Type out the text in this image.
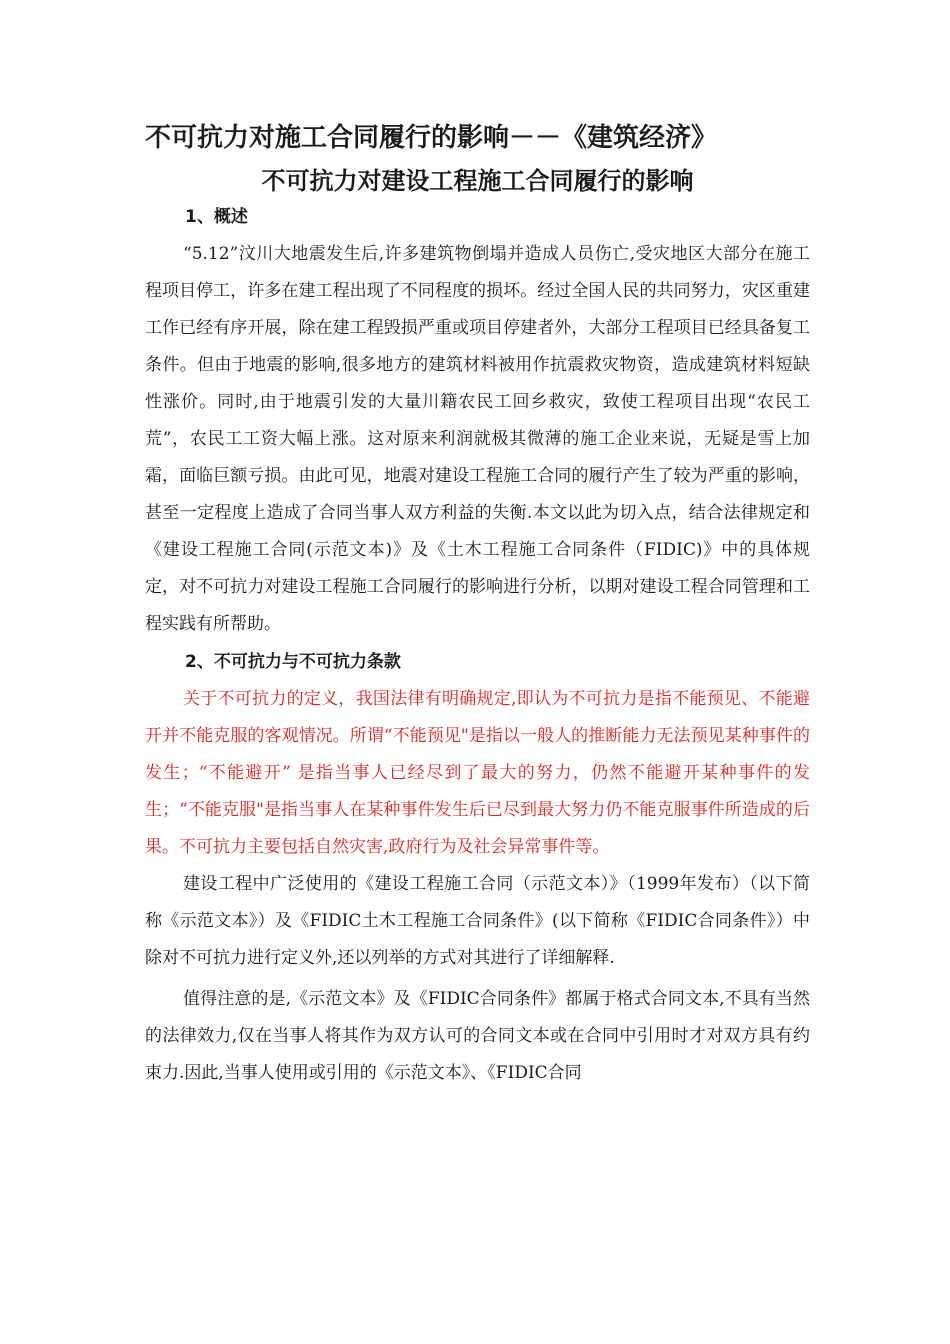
不可抗力对施工合同履行的影响－－《建筑经济》
不可抗力对建设工程施工合同履行的影响
1、概述

“5.12”汶川大地震发生后,许多建筑物倒塌并造成人员伤亡,受灾地区大部分在施工程项目停工，许多在建工程出现了不同程度的损坏。经过全国人民的共同努力，灾区重建工作已经有序开展，除在建工程毁损严重或项目停建者外，大部分工程项目已经具备复工条件。但由于地震的影响,很多地方的建筑材料被用作抗震救灾物资，造成建筑材料短缺性涨价。同时,由于地震引发的大量川籍农民工回乡救灾，致使工程项目出现“农民工荒”，农民工工资大幅上涨。这对原来利润就极其微薄的施工企业来说，无疑是雪上加霜，面临巨额亏损。由此可见，地震对建设工程施工合同的履行产生了较为严重的影响，甚至一定程度上造成了合同当事人双方利益的失衡.本文以此为切入点，结合法律规定和《建设工程施工合同(示范文本)》及《土木工程施工合同条件（FIDIC)》中的具体规定，对不可抗力对建设工程施工合同履行的影响进行分析，以期对建设工程合同管理和工程实践有所帮助。

2、不可抗力与不可抗力条款

关于不可抗力的定义，我国法律有明确规定,即认为不可抗力是指不能预见、不能避开并不能克服的客观情况。所谓“不能预见"是指以一般人的推断能力无法预见某种事件的发生；“不能避开” 是指当事人已经尽到了最大的努力，仍然不能避开某种事件的发生；“不能克服"是指当事人在某种事件发生后已尽到最大努力仍不能克服事件所造成的后果。不可抗力主要包括自然灾害,政府行为及社会异常事件等。

建设工程中广泛使用的《建设工程施工合同（示范文本）》（1999年发布）（以下简称《示范文本》）及《FIDIC土木工程施工合同条件》(以下简称《FIDIC合同条件》）中除对不可抗力进行定义外,还以列举的方式对其进行了详细解释.

值得注意的是,《示范文本》及《FIDIC合同条件》都属于格式合同文本,不具有当然的法律效力,仅在当事人将其作为双方认可的合同文本或在合同中引用时才对双方具有约束力.因此,当事人使用或引用的《示范文本》、《FIDIC合同
